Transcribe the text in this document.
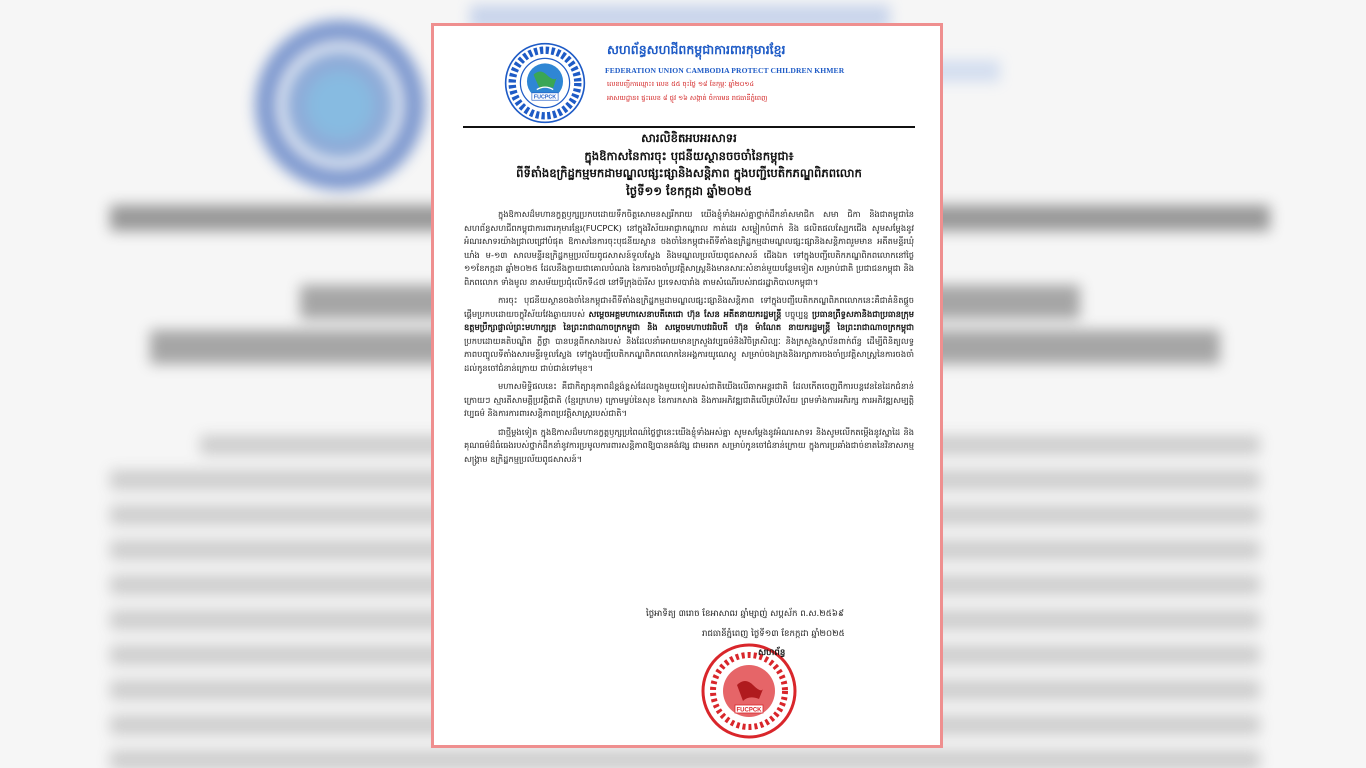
FUCPCK
សហព័ន្ធសហជីពកម្ពុជាការពារកុមារខ្មែរ
FEDERATION UNION CAMBODIA PROTECT CHILDREN KHMER
លេខបញ្ជីកាឈ្មោះ៖ លេខ ៥៥ ចុះថ្ងៃ ១៨ ខែកុម្ភៈ ឆ្នាំ២០១៤
អាសយដ្ឋាន៖ ផ្ទះលេខ ៨ ផ្លូវ ១៦ សង្កាត់ ចំការមន រាជធានីភ្នំពេញ
សារលិខិតអបអរសាទរ
ក្នុងឱកាសនៃការចុះ បុជនីយស្ថានចចចាំនៃកម្ពុជា៖
ពីទីតាំងឧក្រិដ្ឋកម្មមកដាមណ្ឌលផ្សះផ្សានិងសន្តិភាព ក្នុងបញ្ជីបេតិកភណ្ឌពិភពលោក
ថ្ងៃទី១១ ខែកក្កដា ឆ្នាំ២០២៥

ក្នុងឱកាសដ៏មហានក្ខត្តឫក្សប្រកបដោយទឹកចិត្តសោមនស្សរីករាយ យើងខ្ញុំទាំងអស់គ្នាថ្នាក់ដឹកនាំសមាជិក សមា ជិកា និងជាតម្ពុជានៃ សហព័ន្ធសហជីពកម្ពុជាការពារកុមារខ្មែរ(FUCPCK) នៅក្នុងវិស័យអាជ្ញាកណ្តាល កាត់ដេរ សម្លៀកបំពាក់ និង ផលិតផលស្បែកជើង សូមសម្តែងនូវអំណរសាទរយ៉ាងជ្រាលជ្រៅបំផុត ឱកាសនៃការចុះបុជនីយស្ថាន ចងចាំនៃកម្ពុជា៖ពីទីតាំងឧក្រិដ្ឋកម្មដាមណ្ឌលផ្សះផ្សានិងសន្តិភាពរួមមាន អតីតមន្ទីរឃុំឃាំង ម-១៣ សាលមន្ទីរឧក្រិដ្ឋកម្មប្រល័យពូជសាសន៍ទួលស្លែង និងមណ្ឌលប្រល័យពូជសាសន៍ ជើងឯក ទៅក្នុងបញ្ជីបេតិកភណ្ឌពិភពលោកនៅថ្ងៃ ១១ខែកក្កដា ឆ្នាំ២០២៥ ដែលនឹងក្លាយជាគោលបំណង នៃការចងចាំប្រវត្តិសាស្ត្រនិងមានសារៈសំខាន់មួយបន្ថែមទៀត សម្រាប់ជាតិ ប្រជាជនកម្ពុជា និងពិភពលោក ទាំងមូល នាសម័យប្រជុំលើកទី៤៧ នៅទីក្រុងប៉ារីស ប្រទេសបារាំង តាមសំណើរបស់រាជរដ្ឋាភិបាលកម្ពុជា។

ការចុះ បុជនីយស្ថានចងចាំនៃកម្ពុជា៖ពីទីតាំងឧក្រិដ្ឋកម្មដាមណ្ឌលផ្សះផ្សានិងសន្តិភាព ទៅក្នុងបញ្ជីបេតិកភណ្ឌពិភពលោកនេះគឺជាគំនិតផ្តួចផ្តើមប្រកបដោយចក្ខុវិស័យវែងឆ្ងាយរបស់ សម្តេចអគ្គមហាសេនាបតីតេជោ ហ៊ុន សែន អតីតនាយករដ្ឋមន្ត្រី បច្ចុប្បន្ន ប្រធានព្រឹទ្ធសភានិងជាប្រធានក្រុមឧត្តមប្រឹក្សាផ្ទាល់ព្រះមហាក្សត្រ នៃព្រះរាជាណាចក្រកម្ពុជា និង សម្តេចមហាបវរធិបតី ហ៊ុន ម៉ាណែត នាយករដ្ឋមន្ត្រី នៃព្រះរាជាណាចក្រកម្ពុជា ប្រកបដោយគតិបណ្ឌិត ភ្លឺថ្លា បានបន្តពីកសាងរបស់ និងដែលនាំអោយមានក្រសួងវប្បធម៌និងវិចិត្រសិល្បៈ និងក្រសួងស្ថាប័នពាក់ព័ន្ធ ដើម្បីពិនិត្យលទ្ធភាពបញ្ចូលទីតាំងសារមន្ទីរទួលស្លែង ទៅក្នុងបញ្ជីបេតិកភណ្ឌពិភពលោកនៃអង្គការយូណេស្កូ សម្រាប់ចងក្រងនិងរក្សាការចងចាំប្រវត្តិសាស្ត្រនៃការចងចាំដល់កូនចៅជំនាន់ក្រោយ ជាប់ជាន់ទៅមុខ។

មហាសមិទ្ធិផលនេះ គឺជាកិត្យានុភាពដ៏ខ្ពង់ខ្ពស់ដែលក្នុងមួយទៀតរបស់ជាតិយើងលើឆាកអន្តរជាតិ ដែលកើតចេញពីការបន្តវេននៃដៃកជំនាន់ក្រោយៗ ស្មារតីសាមគ្គីប្រវត្តិជាតិ (ខ្មែរក្រហម) ក្រោមម្លប់នៃសុខ នៃការកសាង និងការអភិវឌ្ឍជាតិលើគ្រប់វិស័យ ព្រមទាំងការអភិរក្ស ការអភិវឌ្ឍសម្បត្តិវប្បធម៌ និងការការពារសន្តិភាពប្រវត្តិសាស្ត្ររបស់ជាតិ។

ជាថ្មីម្តងទៀត ក្នុងឱកាសដ៏មហានក្ខត្តឫក្សប្រពៃណ៍ថ្លៃថ្លានេះយើងខ្ញុំទាំងអស់គ្នា សូមសម្តែងនូវអំណរសាទរ និងសូមលើកតម្កើងនូវស្នាដៃ និងគុណធម៌ដ៏ធំធេងរបស់ថ្នាក់ដឹកនាំនូវការប្រមូលការពារសន្តិភាពឱ្យបានគង់វង្ស ជាមរតក សម្រាប់កូនចៅជំនាន់ក្រោយ ក្នុងការប្រឆាំងជាច់ខាតនៃវិនាសកម្មសង្គ្រាម ឧក្រិដ្ឋកម្មប្រល័យពូជសាសន៍។

ថ្ងៃអាទិត្យ ៣រោច ខែអាសាឍ ឆ្នាំម្សាញ់ សប្តស័ក ព.ស.២៥៦៩
រាជធានីភ្នំពេញ ថ្ងៃទី១៣ ខែកក្កដា ឆ្នាំ២០២៥
FUCPCK
សហព័ន្ធ
